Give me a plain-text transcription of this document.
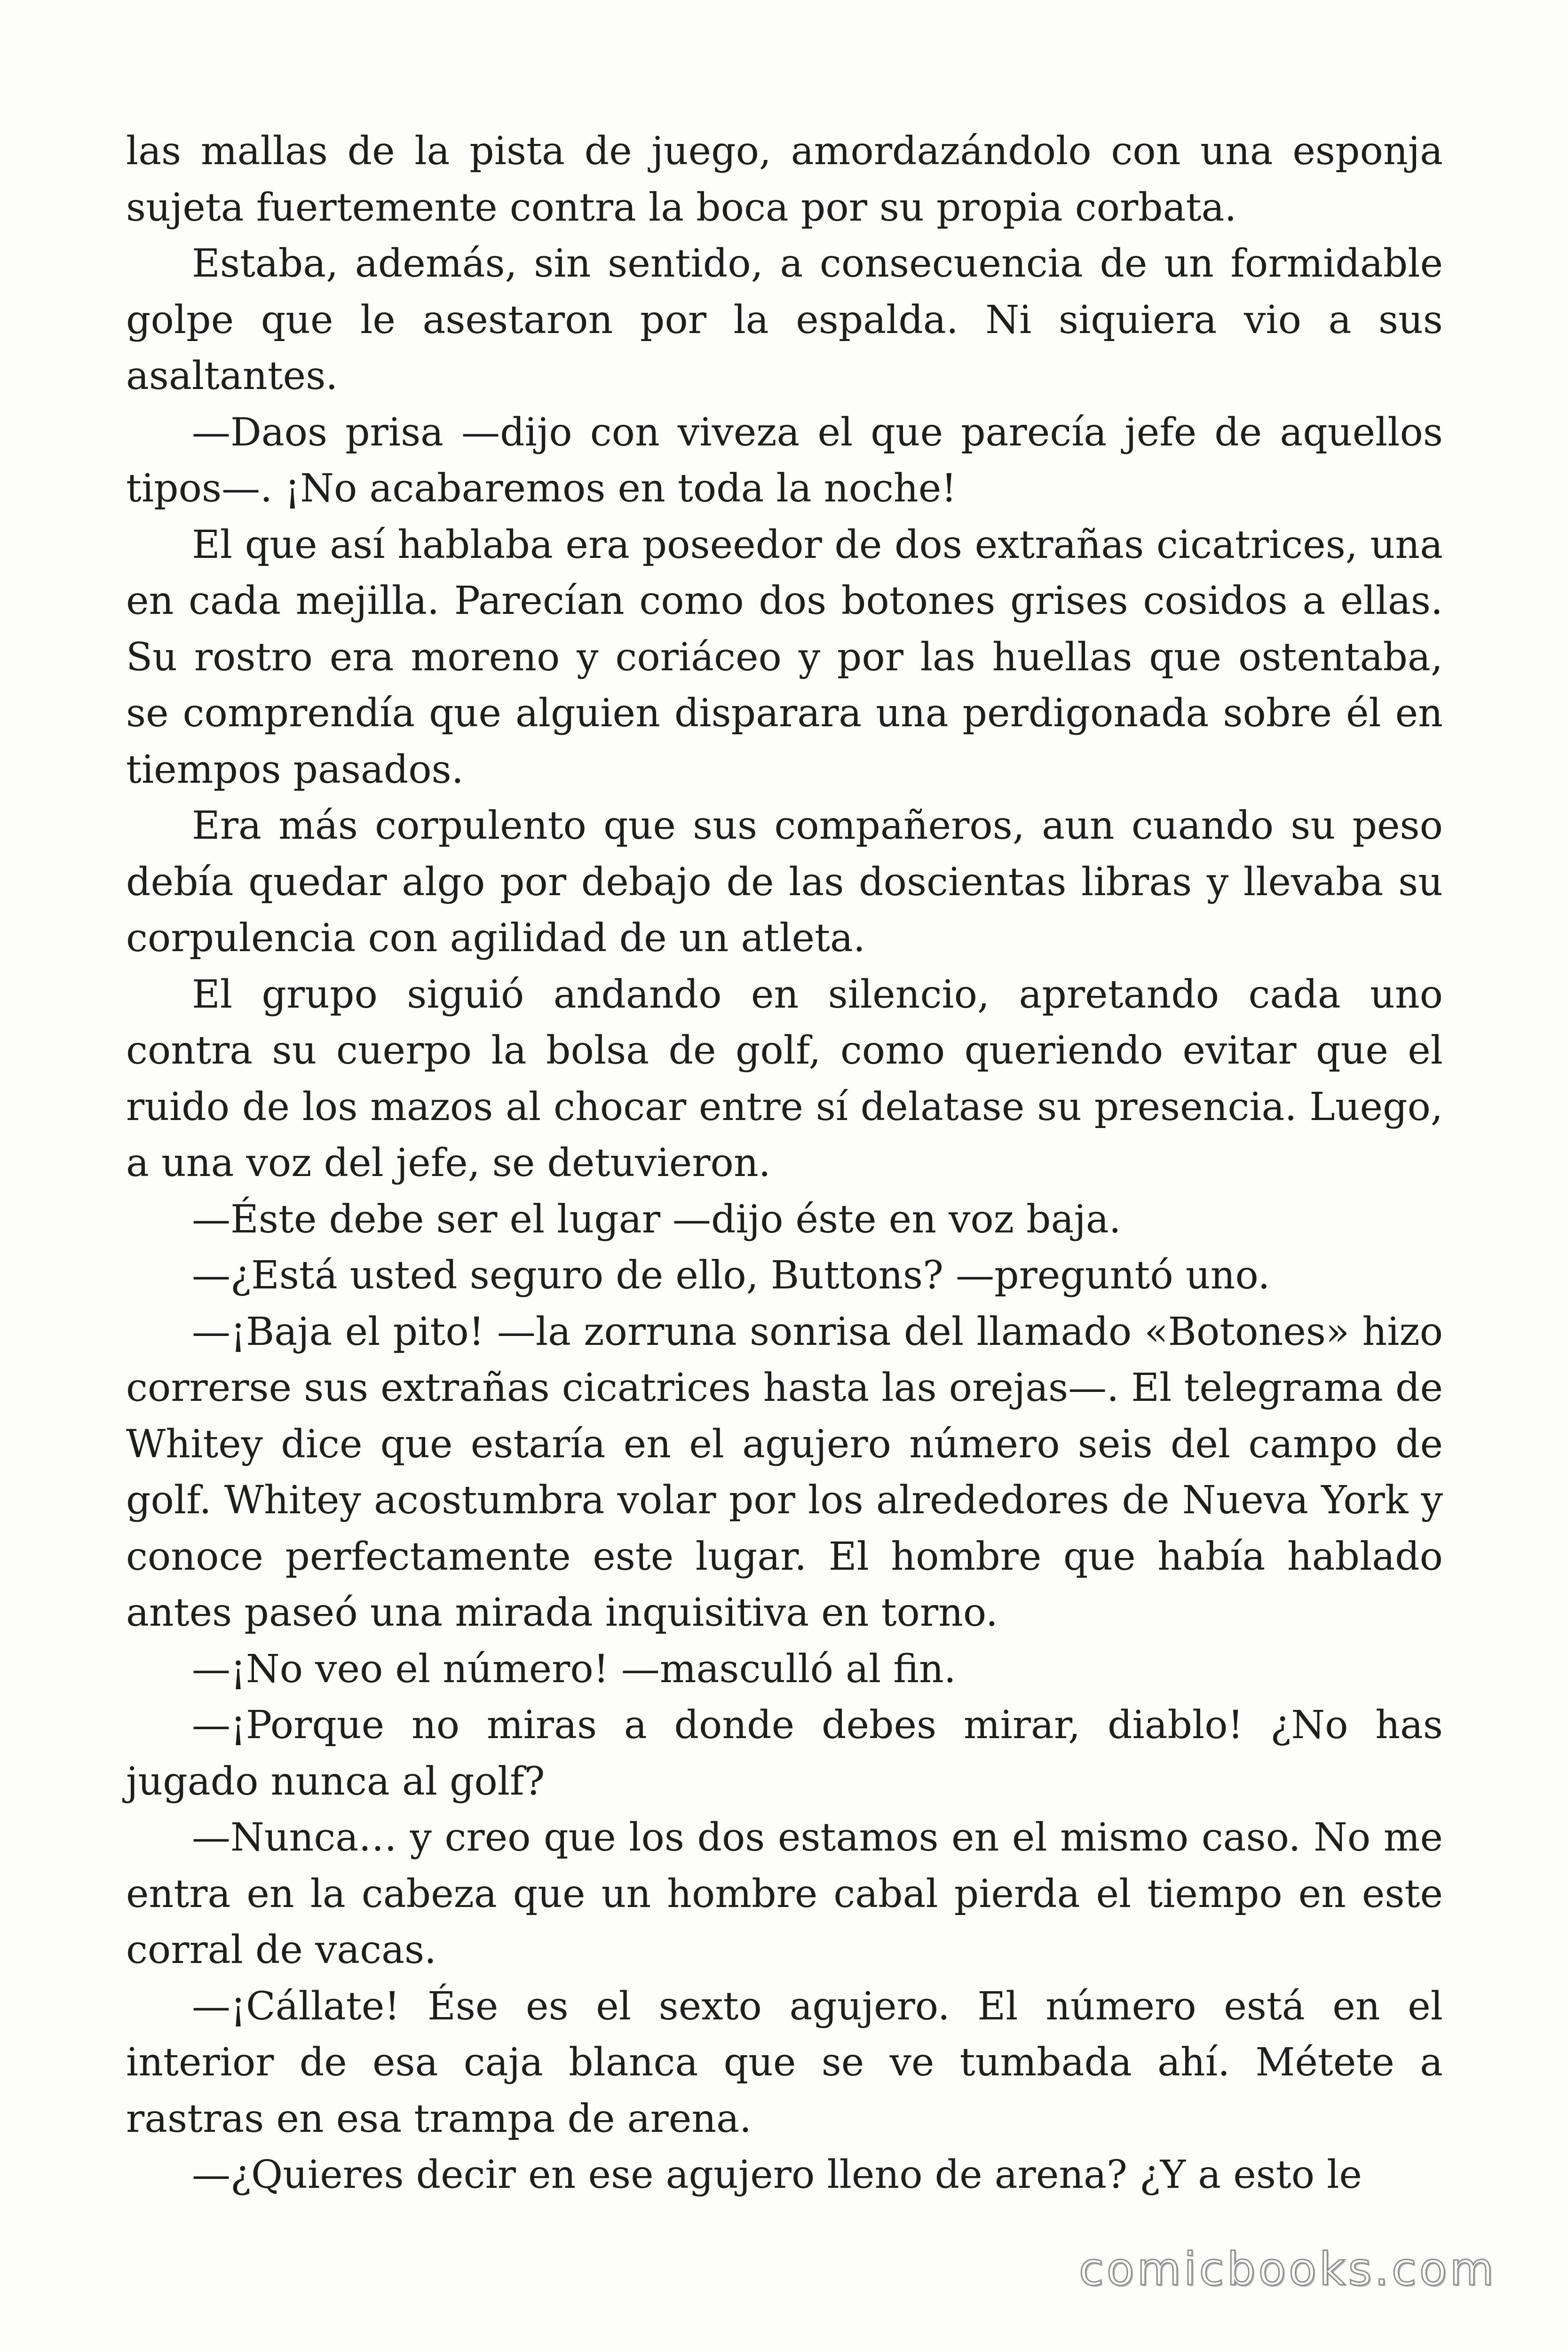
las mallas de la pista de juego, amordazándolo con una esponja sujeta fuertemente contra la boca por su propia corbata.

Estaba, además, sin sentido, a consecuencia de un formidable golpe que le asestaron por la espalda. Ni siquiera vio a sus asaltantes.

—Daos prisa —dijo con viveza el que parecía jefe de aquellos tipos—. ¡No acabaremos en toda la noche!

El que así hablaba era poseedor de dos extrañas cicatrices, una en cada mejilla. Parecían como dos botones grises cosidos a ellas. Su rostro era moreno y coriáceo y por las huellas que ostentaba, se comprendía que alguien disparara una perdigonada sobre él en tiempos pasados.

Era más corpulento que sus compañeros, aun cuando su peso debía quedar algo por debajo de las doscientas libras y llevaba su corpulencia con agilidad de un atleta.

El grupo siguió andando en silencio, apretando cada uno contra su cuerpo la bolsa de golf, como queriendo evitar que el ruido de los mazos al chocar entre sí delatase su presencia. Luego, a una voz del jefe, se detuvieron.

—Éste debe ser el lugar —dijo éste en voz baja.

—¿Está usted seguro de ello, Buttons? —preguntó uno.

—¡Baja el pito! —la zorruna sonrisa del llamado «Botones» hizo correrse sus extrañas cicatrices hasta las orejas—. El telegrama de Whitey dice que estaría en el agujero número seis del campo de golf. Whitey acostumbra volar por los alrededores de Nueva York y conoce perfectamente este lugar. El hombre que había hablado antes paseó una mirada inquisitiva en torno.

—¡No veo el número! —masculló al fin.

—¡Porque no miras a donde debes mirar, diablo! ¿No has jugado nunca al golf?

—Nunca… y creo que los dos estamos en el mismo caso. No me entra en la cabeza que un hombre cabal pierda el tiempo en este corral de vacas.

—¡Cállate! Ése es el sexto agujero. El número está en el interior de esa caja blanca que se ve tumbada ahí. Métete a rastras en esa trampa de arena.

—¿Quieres decir en ese agujero lleno de arena? ¿Y a esto le

comicbooks.com
